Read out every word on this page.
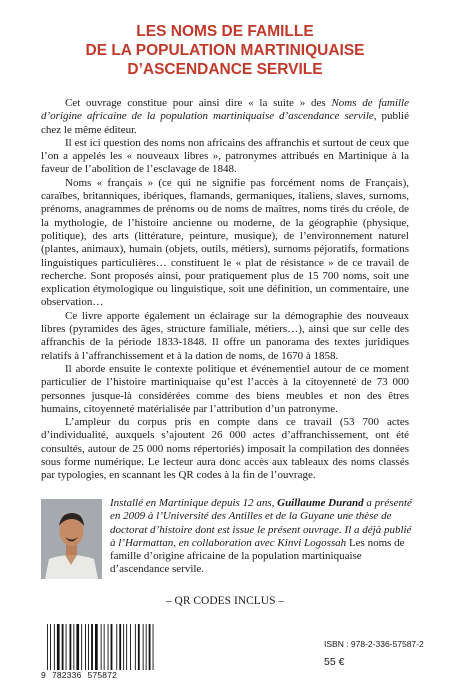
LES NOMS DE FAMILLE
DE LA POPULATION MARTINIQUAISE
D’ASCENDANCE SERVILE

Cet ouvrage constitue pour ainsi dire « la suite » des Noms de famille d’origine africaine de la population martiniquaise d’ascendance servile, publié chez le même éditeur.

Il est ici question des noms non africains des affranchis et surtout de ceux que l’on a appelés les « nouveaux libres », patronymes attribués en Martinique à la faveur de l’abolition de l’esclavage de 1848.

Noms « français » (ce qui ne signifie pas forcément noms de Français), caraïbes, britanniques, ibériques, flamands, germaniques, italiens, slaves, surnoms, prénoms, anagrammes de prénoms ou de noms de maîtres, noms tirés du créole, de la mythologie, de l’histoire ancienne ou moderne, de la géographie (physique, politique), des arts (littérature, peinture, musique), de l’environnement naturel (plantes, animaux), humain (objets, outils, métiers), surnoms péjoratifs, formations linguistiques particulières… constituent le « plat de résistance » de ce travail de recherche. Sont proposés ainsi, pour pratiquement plus de 15 700 noms, soit une explication étymologique ou linguistique, soit une définition, un commentaire, une observation…

Ce livre apporte également un éclairage sur la démographie des nouveaux libres (pyramides des âges, structure familiale, métiers…), ainsi que sur celle des affranchis de la période 1833-1848. Il offre un panorama des textes juridiques relatifs à l’affranchissement et à la dation de noms, de 1670 à 1858.

Il aborde ensuite le contexte politique et événementiel autour de ce moment particulier de l’histoire martiniquaise qu’est l’accès à la citoyenneté de 73 000 personnes jusque-là considérées comme des biens meubles et non des êtres humains, citoyenneté matérialisée par l’attribution d’un patronyme.

L’ampleur du corpus pris en compte dans ce travail (53 700 actes d’individualité, auxquels s’ajoutent 26 000 actes d’affranchissement, ont été consultés, autour de 25 000 noms répertoriés) imposait la compilation des données sous forme numérique. Le lecteur aura donc accès aux tableaux des noms classés par typologies, en scannant les QR codes à la fin de l’ouvrage.

Installé en Martinique depuis 12 ans, Guillaume Durand a présenté en 2009 à l’Université des Antilles et de la Guyane une thèse de doctorat d’histoire dont est issue le présent ouvrage. Il a déjà publié à l’Harmattan, en collaboration avec Kinvi Logossah Les noms de famille d’origine africaine de la population martiniquaise d’ascendance servile.
– QR CODES INCLUS –
9 782336 575872
ISBN : 978-2-336-57587-2
55 €
